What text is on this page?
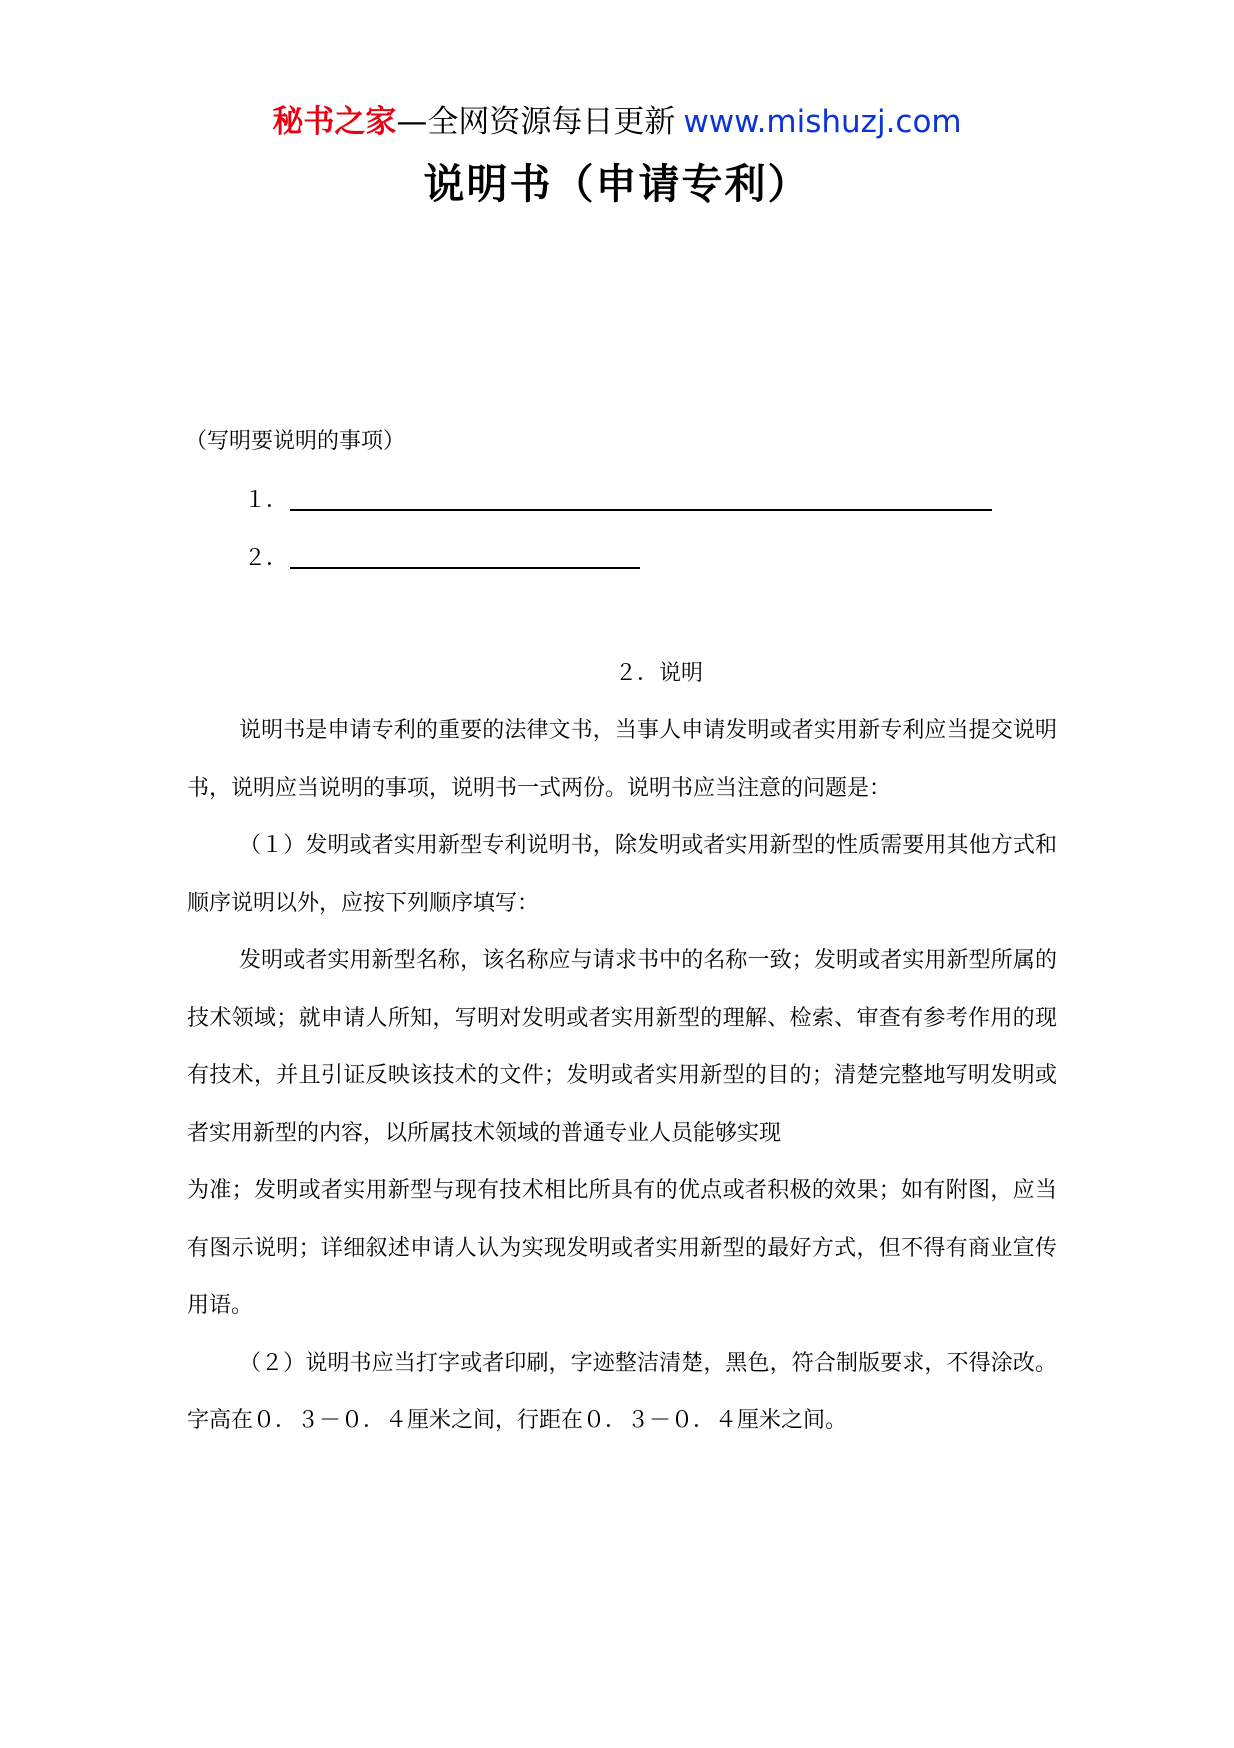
秘书之家—全网资源每日更新 www.mishuzj.com
说明书（申请专利）
（写明要说明的事项）
１．
２．
２．说明

说明书是申请专利的重要的法律文书，当事人申请发明或者实用新专利应当提交说明书，说明应当说明的事项，说明书一式两份。说明书应当注意的问题是：

（１）发明或者实用新型专利说明书，除发明或者实用新型的性质需要用其他方式和顺序说明以外，应按下列顺序填写：

发明或者实用新型名称，该名称应与请求书中的名称一致；发明或者实用新型所属的技术领域；就申请人所知，写明对发明或者实用新型的理解、检索、审查有参考作用的现有技术，并且引证反映该技术的文件；发明或者实用新型的目的；清楚完整地写明发明或者实用新型的内容，以所属技术领域的普通专业人员能够实现

为准；发明或者实用新型与现有技术相比所具有的优点或者积极的效果；如有附图，应当有图示说明；详细叙述申请人认为实现发明或者实用新型的最好方式，但不得有商业宣传用语。

（２）说明书应当打字或者印刷，字迹整洁清楚，黑色，符合制版要求，不得涂改。字高在０．３－０．４厘米之间，行距在０．３－０．４厘米之间。
